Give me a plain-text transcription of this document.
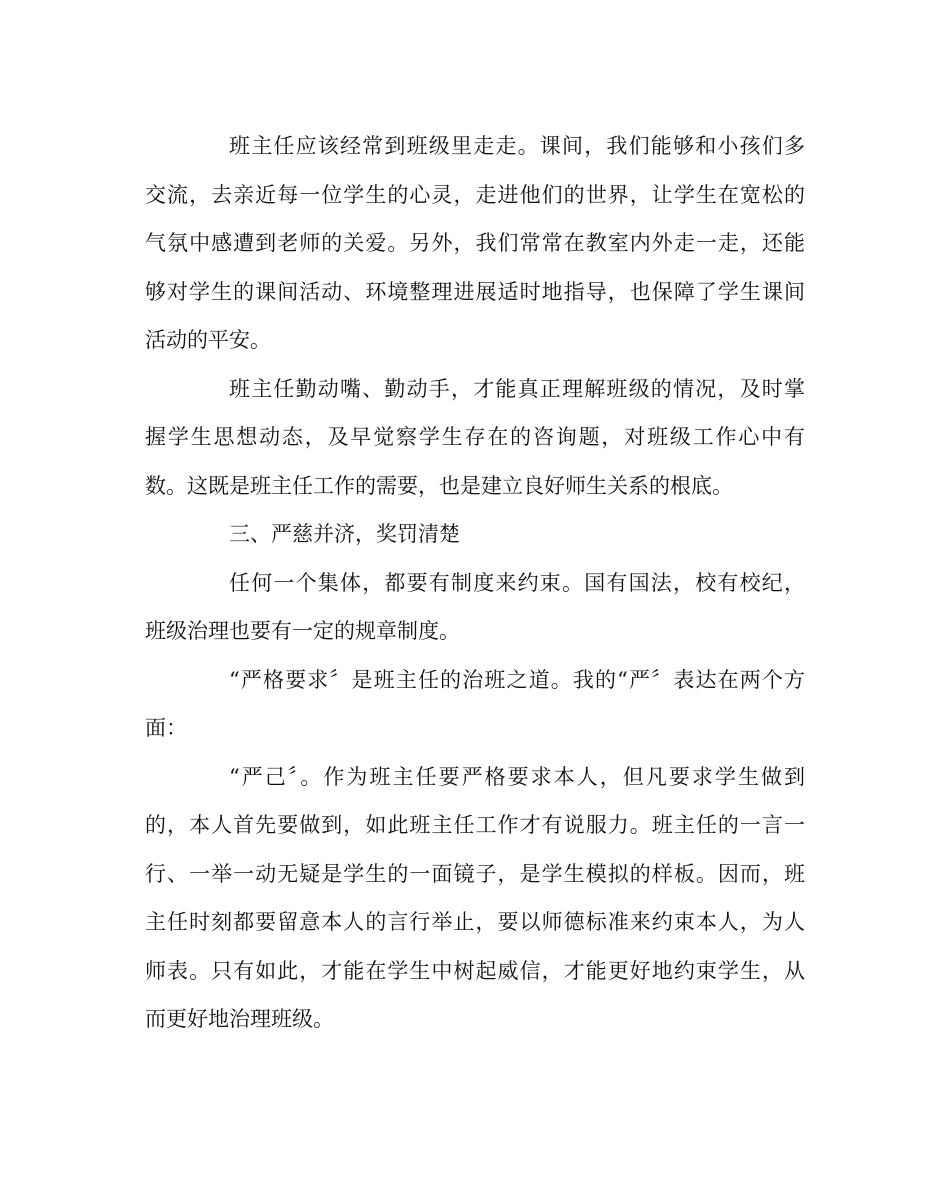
班主任应该经常到班级里走走。课间，我们能够和小孩们多
交流，去亲近每一位学生的心灵，走进他们的世界，让学生在宽松的
气氛中感遭到老师的关爱。另外，我们常常在教室内外走一走，还能
够对学生的课间活动、环境整理进展适时地指导，也保障了学生课间
活动的平安。
班主任勤动嘴、勤动手，才能真正理解班级的情况，及时掌
握学生思想动态，及早觉察学生存在的咨询题，对班级工作心中有
数。这既是班主任工作的需要，也是建立良好师生关系的根底。
三、严慈并济，奖罚清楚
任何一个集体，都要有制度来约束。国有国法，校有校纪，
班级治理也要有一定的规章制度。
“严格要求〞是班主任的治班之道。我的“严〞表达在两个方
面：
“严己〞。作为班主任要严格要求本人，但凡要求学生做到
的，本人首先要做到，如此班主任工作才有说服力。班主任的一言一
行、一举一动无疑是学生的一面镜子，是学生模拟的样板。因而，班
主任时刻都要留意本人的言行举止，要以师德标准来约束本人，为人
师表。只有如此，才能在学生中树起威信，才能更好地约束学生，从
而更好地治理班级。
